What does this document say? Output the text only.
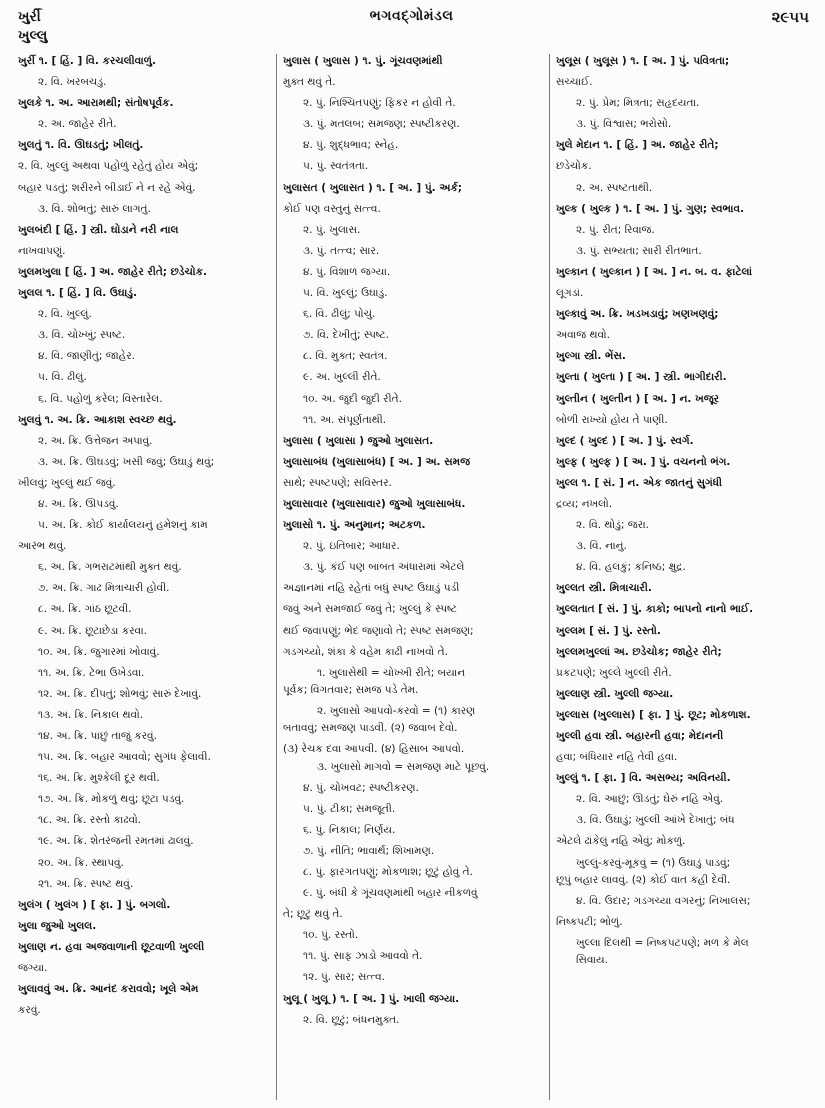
ખુર્રી
ખુલ્લુ
ભગવદ્ગોમંડલ	૨૯૫૫
ખુર્રી ૧. [ હિં. ] વિ. કરચલીવાળું.
૨. વિ. ખરબચડું.
ખુલકે ૧. અ. આરામથી; સંતોષપૂર્વક.
૨. અ. જાહેર રીતે.
ખુલતું ૧. વિ. ઊઘડતું; ખીલતું.
૨. વિ. ખુલ્લું અથવા પહોળું રહેતું હોય એવું;
બહાર પડતું; શરીરને બીડાઈ ને ન રહે એવું.
૩. વિ. શોભતું; સારું લાગતું.
ખુલબંદી [ હિં. ] સ્ત્રી. ઘોડાને નરી નાલ
નાખવાપણું.
ખુલમખુલા [ હિં. ] અ. જાહેર રીતે; છડેચોક.
ખુલલ ૧. [ હિં. ] વિ. ઉઘાડું.
૨. વિ. ખુલ્લું.
૩. વિ. ચોખ્ખું; સ્પષ્ટ.
૪. વિ. જાણીતું; જાહેર.
૫. વિ. ઢીલું.
૬. વિ. પહોળું કરેલ; વિસ્તારેલ.
ખુલવું ૧. અ. ક્રિ. આકાશ સ્વચ્છ થવું.
૨. અ. ક્રિ. ઉત્તેજન અપાવું.
૩. અ. ક્રિ. ઊઘડવું; ખસી જવું; ઉઘાડું થવું;
ખીલવું; ખુલ્લું થઈ જવું.
૪. અ. ક્રિ. ઊપડવું.
૫. અ. ક્રિ. કોઈ કાર્યાલયનું હમેશનું કામ
આરંભ થવું.
૬. અ. ક્રિ. ગભરાટમાંથી મુક્ત થવું.
૭. અ. ક્રિ. ગાઢ મિત્રાચારી હોવી.
૮. અ. ક્રિ. ગાંઠ છૂટવી.
૯. અ. ક્રિ. છૂટાછેડા કરવા.
૧૦. અ. ક્રિ. જુગારમાં ખોવાવું.
૧૧. અ. ક્રિ. ટેભા ઉખેડવા.
૧૨. અ. ક્રિ. દીપતું; શોભવું; સારું દેખાવું.
૧૩. અ. ક્રિ. નિકાલ થવો.
૧૪. અ. ક્રિ. પાછું તાજું કરવું.
૧૫. અ. ક્રિ. બહાર આવવો; સુગંધ ફેલાવી.
૧૬. અ. ક્રિ. મુશ્કેલી દૂર થવી.
૧૭. અ. ક્રિ. મોકળું થવું; છૂટા પડવું.
૧૮. અ. ક્રિ. રસ્તો કાઢવો.
૧૯. અ. ક્રિ. શેતરંજની રમતમાં ઢાલવું.
૨૦. અ. ક્રિ. સ્થાપવું.
૨૧. અ. ક્રિ. સ્પષ્ટ થવું.
ખુલંગ ( ખુલંગ ) [ ફા. ] પું. બગલો.
ખુલા જુઓ ખુલલ.
ખુલાણ ન. હવા અજવાળાની છૂટવાળી ખુલ્લી
જગ્યા.
ખુલાવવું અ. ક્રિ. આનંદ કરાવવો; ખૂલે એમ
કરવું.
ખુલાસ ( ખુલાસ ) ૧. પું. ગૂંચવણમાંથી
મુક્ત થવું તે.
૨. પું. નિશ્ચિતપણું; ફિકર ન હોવી તે.
૩. પું. મતલબ; સમજણ; સ્પષ્ટીકરણ.
૪. પું. શુદ્ધભાવ; સ્નેહ.
૫. પું. સ્વતંત્રતા.
ખુલાસત ( ખુલાસત ) ૧. [ અ. ] પું. અર્ક;
કોઈ પણ વસ્તુનું સત્ત્વ.
૨. પું. ખુલાસ.
૩. પું. તત્ત્વ; સાર.
૪. પું. વિશાળ જગ્યા.
૫. વિ. ખુલ્લું; ઉઘાડું.
૬. વિ. ઢીલું; પોચું.
૭. વિ. દેખીતું; સ્પષ્ટ.
૮. વિ. મુક્ત; સ્વતંત્ર.
૯. અ. ખુલ્લી રીતે.
૧૦. અ. જુદી જુદી રીતે.
૧૧. અ. સંપૂર્ણતાથી.
ખુલાસા ( ખુલાસા ) જુઓ ખુલાસત.
ખુલાસાબંધ (ખુલાસાબંધ) [ અ. ] અ. સમજ
સાથે; સ્પષ્ટપણે; સવિસ્તર.
ખુલાસાવાર (ખુલાસાવાર) જુઓ ખુલાસાબંધ.
ખુલાસો ૧. પું. અનુમાન; અટકળ.
૨. પું. ઇતિબાર; આધાર.
૩. પું. કંઈ પણ બાબત અંધારામાં એટલે
અજ્ઞાનમાં નહિ રહેતાં બધું સ્પષ્ટ ઉઘાડું પડી
જવું અને સમજાઈ જવું તે; ખુલ્લું કે સ્પષ્ટ
થઈ જવાપણું; ભેદ જણાવો તે; સ્પષ્ટ સમજણ;
ગડગચ્યો, શંકા કે વહેમ કાઢી નાખવો તે.
૧. ખુલાસેથી = ચોખ્ખી રીતે; બયાન
પૂર્વક; વિગતવાર; સમજ પડે તેમ.
૨. ખુલાસો આપવો-કરવો = (૧) કારણ
બતાવવું; સમજણ પાડવી. (૨) જવાબ દેવો.
(૩) રેચક દવા આપવી. (૪) હિસાબ આપવો.
૩. ખુલાસો માગવો = સમજણ માટે પૂછવું.
૪. પું. ચોખવટ; સ્પષ્ટીકરણ.
૫. પું. ટીકા; સમજૂતી.
૬. પું. નિકાલ; નિર્ણય.
૭. પું. નીતિ; ભાવાર્થ; શિખામણ.
૮. પું. ફારગતપણું; મોકળાશ; છૂટું હોવું તે.
૯. પું. બંધી કે ગૂંચવણમાંથી બહાર નીકળવું
તે; છૂટું થવું તે.
૧૦. પું. રસ્તો.
૧૧. પું. સાફ ઝાડો આવવો તે.
૧૨. પું. સાર; સત્ત્વ.
ખુલૂ ( ખુલૂ ) ૧. [ અ. ] પું. ખાલી જગ્યા.
૨. વિ. છૂટું; બંધનમુક્ત.
ખુલૂસ ( ખુલૂસ ) ૧. [ અ. ] પું. પવિત્રતા;
સચ્ચાઈ.
૨. પું. પ્રેમ; મિત્રતા; સહૃદયતા.
૩. પું. વિશ્વાસ; ભરોસો.
ખુલે મેદાન ૧. [ હિં. ] અ. જાહેર રીતે;
છડેચોક.
૨. અ. સ્પષ્ટતાથી.
ખુલ્ક ( ખુલ્ક ) ૧. [ અ. ] પું. ગુણ; સ્વભાવ.
૨. પું. રીત; રિવાજ.
૩. પું. સભ્યતા; સારી રીતભાત.
ખુલ્કાન ( ખુલ્કાન ) [ અ. ] ન. બ. વ. ફાટેલાં
લૂગડાં.
ખુલ્કાવું અ. ક્રિ. ખડખડાવું; ખણખણવું;
અવાજ થવો.
ખુલ્ગા સ્ત્રી. ભેંસ.
ખુલ્તા ( ખુલ્તા ) [ અ. ] સ્ત્રી. ભાગીદારી.
ખુલ્તીન ( ખુલ્તીન ) [ અ. ] ન. ખજૂર
બોળી રાખ્યો હોય તે પાણી.
ખુલ્દ ( ખુલ્દ ) [ અ. ] પું. સ્વર્ગ.
ખુલ્ફ ( ખુલ્ફ ) [ અ. ] પું. વચનનો ભંગ.
ખુલ્લ ૧. [ સં. ] ન. એક જાતનું સુગંધી
દ્રવ્ય; નખલો.
૨. વિ. થોડું; જરા.
૩. વિ. નાનું.
૪. વિ. હલકું; કનિષ્ઠ; ક્ષુદ્ર.
ખુલ્લત સ્ત્રી. મિત્રાચારી.
ખુલ્લતાત [ સં. ] પું. કાકો; બાપનો નાનો ભાઈ.
ખુલ્લમ [ સં. ] પું. રસ્તો.
ખુલ્લમખુલ્લાં અ. છડેચોક; જાહેર રીતે;
પ્રકટપણે; ખુલ્લે ખુલ્લી રીતે.
ખુલ્લાણ સ્ત્રી. ખુલ્લી જગ્યા.
ખુલ્લાસ (ખુલ્લાસ) [ ફા. ] પું. છૂટ; મોકળાશ.
ખુલ્લી હવા સ્ત્રી. બહારની હવા; મેદાનની
હવા; બંધિયાર નહિ તેવી હવા.
ખુલ્લું ૧. [ ફા. ] વિ. અસભ્ય; અવિનયી.
૨. વિ. આછું; ઊડતું; ઘેરું નહિ એવું.
૩. વિ. ઉઘાડું; ખુલ્લી આંખે દેખાતું; બંધ
એટલે ઢાંકેલું નહિ એવું; મોકળું.
ખુલ્લું-કરવું-મૂકવું = (૧) ઉઘાડું પાડવું;
છૂપું બહાર લાવવું. (૨) કોઈ વાત કહી દેવી.
૪. વિ. ઉદાર; ગડગચ્યા વગરનું; નિખાલસ;
નિષ્કપટી; ભોળું.
ખુલ્લા દિલથી = નિષ્કપટપણે; મળ કે મેલ
સિવાય.
